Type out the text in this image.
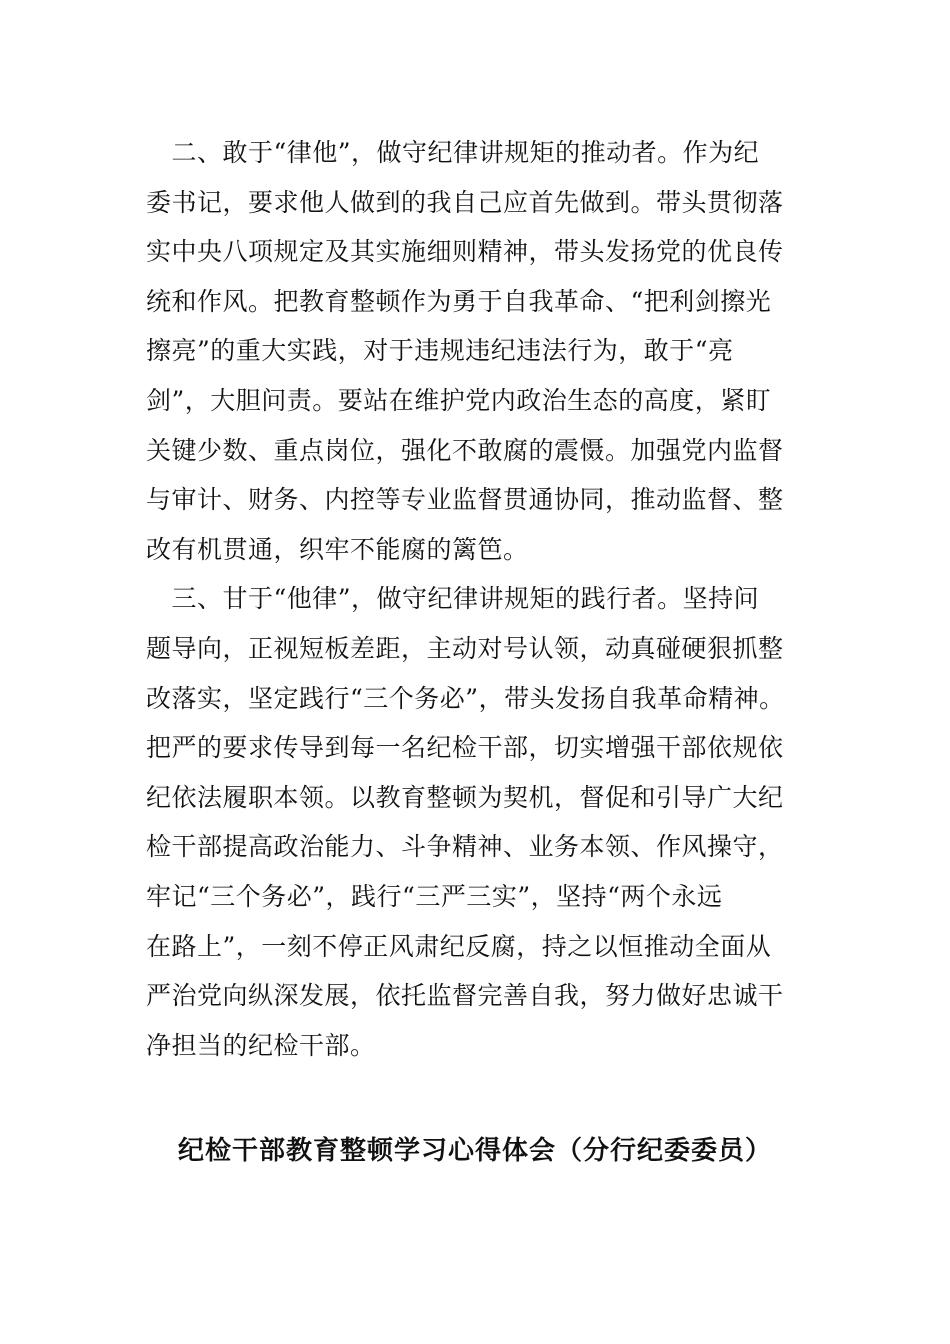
　二、敢于“律他”，做守纪律讲规矩的推动者。作为纪
委书记，要求他人做到的我自己应首先做到。带头贯彻落
实中央八项规定及其实施细则精神，带头发扬党的优良传
统和作风。把教育整顿作为勇于自我革命、“把利剑擦光
擦亮”的重大实践，对于违规违纪违法行为，敢于“亮
剑”，大胆问责。要站在维护党内政治生态的高度，紧盯
关键少数、重点岗位，强化不敢腐的震慑。加强党内监督
与审计、财务、内控等专业监督贯通协同，推动监督、整
改有机贯通，织牢不能腐的篱笆。
　三、甘于“他律”，做守纪律讲规矩的践行者。坚持问
题导向，正视短板差距，主动对号认领，动真碰硬狠抓整
改落实，坚定践行“三个务必”，带头发扬自我革命精神。
把严的要求传导到每一名纪检干部，切实增强干部依规依
纪依法履职本领。以教育整顿为契机，督促和引导广大纪
检干部提高政治能力、斗争精神、业务本领、作风操守，
牢记“三个务必”，践行“三严三实”，坚持“两个永远
在路上”，一刻不停正风肃纪反腐，持之以恒推动全面从
严治党向纵深发展，依托监督完善自我，努力做好忠诚干
净担当的纪检干部。
纪检干部教育整顿学习心得体会（分行纪委委员）
